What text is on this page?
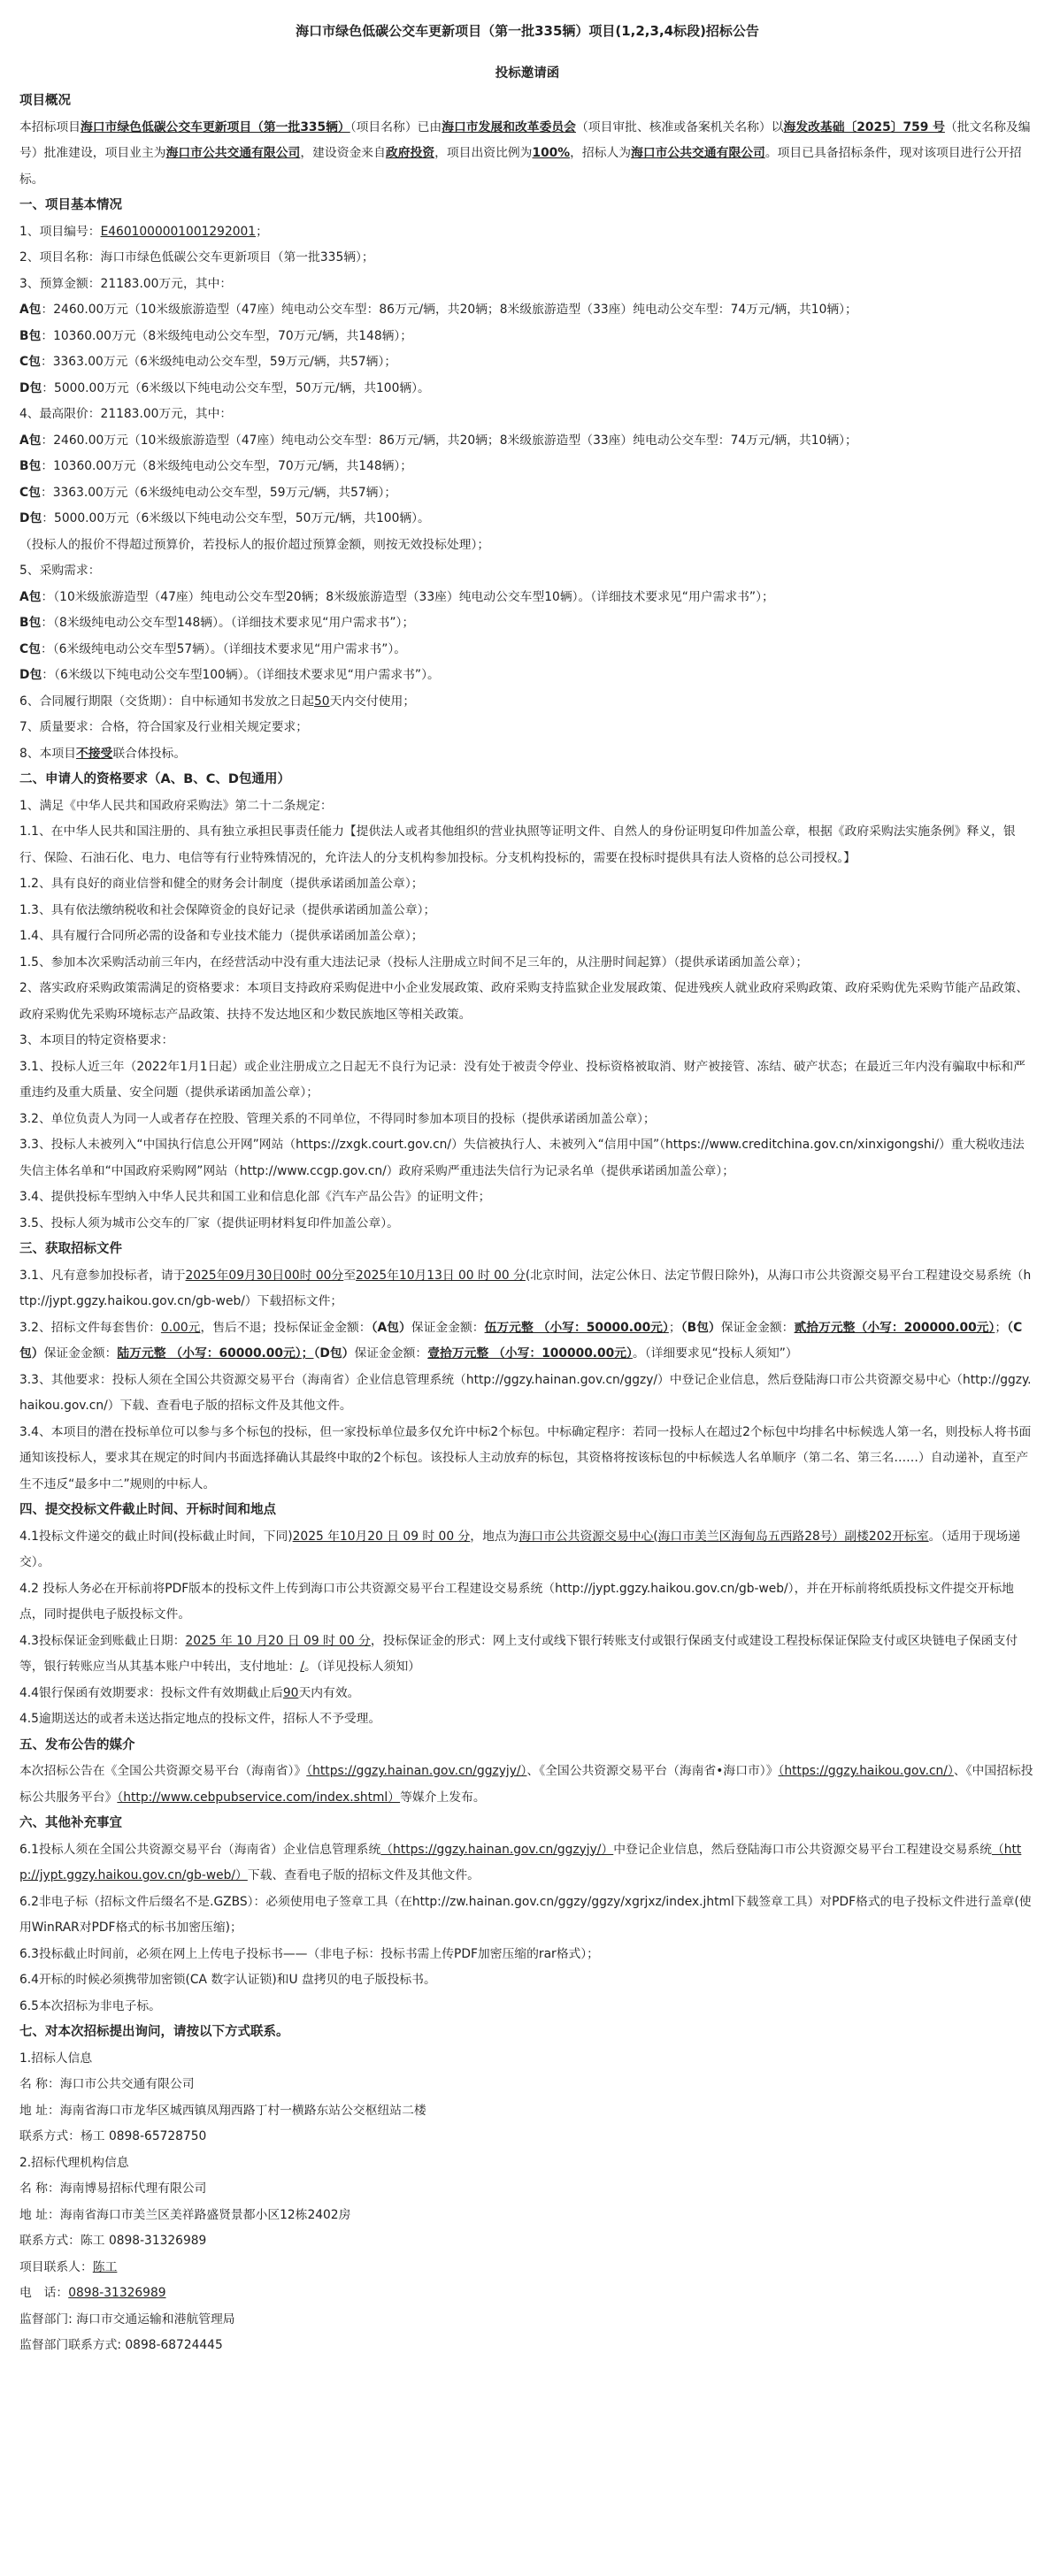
海口市绿色低碳公交车更新项目（第一批335辆）项目(1,2,3,4标段)招标公告
投标邀请函
项目概况

本招标项目海口市绿色低碳公交车更新项目（第一批335辆）（项目名称）已由海口市发展和改革委员会（项目审批、核准或备案机关名称）以海发改基础〔2025〕759 号（批文名称及编号）批准建设，项目业主为海口市公共交通有限公司，建设资金来自政府投资，项目出资比例为100%，招标人为海口市公共交通有限公司。项目已具备招标条件，现对该项目进行公开招标。

一、项目基本情况

1、项目编号：E4601000001001292001；

2、项目名称：海口市绿色低碳公交车更新项目（第一批335辆）；

3、预算金额：21183.00万元，其中：

A包：2460.00万元（10米级旅游造型（47座）纯电动公交车型：86万元/辆，共20辆；8米级旅游造型（33座）纯电动公交车型：74万元/辆，共10辆）；

B包：10360.00万元（8米级纯电动公交车型，70万元/辆，共148辆）；

C包：3363.00万元（6米级纯电动公交车型，59万元/辆，共57辆）；

D包：5000.00万元（6米级以下纯电动公交车型，50万元/辆，共100辆）。

4、最高限价：21183.00万元，其中：

A包：2460.00万元（10米级旅游造型（47座）纯电动公交车型：86万元/辆，共20辆；8米级旅游造型（33座）纯电动公交车型：74万元/辆，共10辆）；

B包：10360.00万元（8米级纯电动公交车型，70万元/辆，共148辆）；

C包：3363.00万元（6米级纯电动公交车型，59万元/辆，共57辆）；

D包：5000.00万元（6米级以下纯电动公交车型，50万元/辆，共100辆）。

（投标人的报价不得超过预算价，若投标人的报价超过预算金额，则按无效投标处理）；

5、采购需求：

A包：（10米级旅游造型（47座）纯电动公交车型20辆；8米级旅游造型（33座）纯电动公交车型10辆）。（详细技术要求见“用户需求书”）；

B包：（8米级纯电动公交车型148辆）。（详细技术要求见“用户需求书”）；

C包：（6米级纯电动公交车型57辆）。（详细技术要求见“用户需求书”）。

D包：（6米级以下纯电动公交车型100辆）。（详细技术要求见“用户需求书”）。

6、合同履行期限（交货期）：自中标通知书发放之日起50天内交付使用；

7、质量要求：合格，符合国家及行业相关规定要求；

8、本项目不接受联合体投标。

二、申请人的资格要求（A、B、C、D包通用）

1、满足《中华人民共和国政府采购法》第二十二条规定：

1.1、在中华人民共和国注册的、具有独立承担民事责任能力【提供法人或者其他组织的营业执照等证明文件、自然人的身份证明复印件加盖公章，根据《政府采购法实施条例》释义，银行、保险、石油石化、电力、电信等有行业特殊情况的，允许法人的分支机构参加投标。分支机构投标的，需要在投标时提供具有法人资格的总公司授权。】

1.2、具有良好的商业信誉和健全的财务会计制度（提供承诺函加盖公章）；

1.3、具有依法缴纳税收和社会保障资金的良好记录（提供承诺函加盖公章）；

1.4、具有履行合同所必需的设备和专业技术能力（提供承诺函加盖公章）；

1.5、参加本次采购活动前三年内，在经营活动中没有重大违法记录（投标人注册成立时间不足三年的，从注册时间起算）（提供承诺函加盖公章）；

2、落实政府采购政策需满足的资格要求：本项目支持政府采购促进中小企业发展政策、政府采购支持监狱企业发展政策、促进残疾人就业政府采购政策、政府采购优先采购节能产品政策、政府采购优先采购环境标志产品政策、扶持不发达地区和少数民族地区等相关政策。

3、本项目的特定资格要求：

3.1、投标人近三年（2022年1月1日起）或企业注册成立之日起无不良行为记录：没有处于被责令停业、投标资格被取消、财产被接管、冻结、破产状态；在最近三年内没有骗取中标和严重违约及重大质量、安全问题（提供承诺函加盖公章）；

3.2、单位负责人为同一人或者存在控股、管理关系的不同单位，不得同时参加本项目的投标（提供承诺函加盖公章）；

3.3、投标人未被列入“中国执行信息公开网”网站（https://zxgk.court.gov.cn/）失信被执行人、未被列入“信用中国”（https://www.creditchina.gov.cn/xinxigongshi/）重大税收违法失信主体名单和“中国政府采购网”网站（http://www.ccgp.gov.cn/）政府采购严重违法失信行为记录名单（提供承诺函加盖公章）；

3.4、提供投标车型纳入中华人民共和国工业和信息化部《汽车产品公告》的证明文件；

3.5、投标人须为城市公交车的厂家（提供证明材料复印件加盖公章）。

三、获取招标文件

3.1、凡有意参加投标者，请于2025年09月30日00时 00分至2025年10月13日 00 时 00 分(北京时间，法定公休日、法定节假日除外)，从海口市公共资源交易平台工程建设交易系统（http://jypt.ggzy.haikou.gov.cn/gb-web/）下载招标文件；

3.2、招标文件每套售价：0.00元，售后不退；投标保证金金额：（A包）保证金金额：伍万元整 （小写：50000.00元）；（B包）保证金金额：贰拾万元整（小写：200000.00元）；（C包）保证金金额：陆万元整 （小写：60000.00元）；（D包）保证金金额：壹拾万元整 （小写：100000.00元）。（详细要求见“投标人须知”）

3.3、其他要求：投标人须在全国公共资源交易平台（海南省）企业信息管理系统（http://ggzy.hainan.gov.cn/ggzy/）中登记企业信息，然后登陆海口市公共资源交易中心（http://ggzy.haikou.gov.cn/）下载、查看电子版的招标文件及其他文件。

3.4、本项目的潜在投标单位可以参与多个标包的投标，但一家投标单位最多仅允许中标2个标包。中标确定程序：若同一投标人在超过2个标包中均排名中标候选人第一名，则投标人将书面通知该投标人，要求其在规定的时间内书面选择确认其最终中取的2个标包。该投标人主动放弃的标包，其资格将按该标包的中标候选人名单顺序（第二名、第三名……）自动递补，直至产生不违反“最多中二”规则的中标人。

四、提交投标文件截止时间、开标时间和地点

4.1投标文件递交的截止时间(投标截止时间，下同)2025 年10月20 日 09 时 00 分，地点为海口市公共资源交易中心(海口市美兰区海甸岛五西路28号）副楼202开标室。（适用于现场递交）。

4.2 投标人务必在开标前将PDF版本的投标文件上传到海口市公共资源交易平台工程建设交易系统（http://jypt.ggzy.haikou.gov.cn/gb-web/），并在开标前将纸质投标文件提交开标地点，同时提供电子版投标文件。

4.3投标保证金到账截止日期：2025 年 10 月20 日 09 时 00 分，投标保证金的形式：网上支付或线下银行转账支付或银行保函支付或建设工程投标保证保险支付或区块链电子保函支付等，银行转账应当从其基本账户中转出，支付地址：/。（详见投标人须知）

4.4银行保函有效期要求：投标文件有效期截止后90天内有效。

4.5逾期送达的或者未送达指定地点的投标文件，招标人不予受理。

五、发布公告的媒介

本次招标公告在《全国公共资源交易平台（海南省）》（https://ggzy.hainan.gov.cn/ggzyjy/）、《全国公共资源交易平台（海南省•海口市）》（https://ggzy.haikou.gov.cn/）、《中国招标投标公共服务平台》（http://www.cebpubservice.com/index.shtml）等媒介上发布。

六、其他补充事宜

6.1投标人须在全国公共资源交易平台（海南省）企业信息管理系统（https://ggzy.hainan.gov.cn/ggzyjy/）中登记企业信息，然后登陆海口市公共资源交易平台工程建设交易系统（http://jypt.ggzy.haikou.gov.cn/gb-web/）下载、查看电子版的招标文件及其他文件。

6.2非电子标（招标文件后缀名不是.GZBS）：必须使用电子签章工具（在http://zw.hainan.gov.cn/ggzy/ggzy/xgrjxz/index.jhtml下载签章工具）对PDF格式的电子投标文件进行盖章(使用WinRAR对PDF格式的标书加密压缩)；

6.3投标截止时间前，必须在网上上传电子投标书——（非电子标：投标书需上传PDF加密压缩的rar格式）；

6.4开标的时候必须携带加密锁(CA 数字认证锁)和U 盘拷贝的电子版投标书。

6.5本次招标为非电子标。

七、对本次招标提出询问，请按以下方式联系。

1.招标人信息

名 称：海口市公共交通有限公司

地 址：海南省海口市龙华区城西镇凤翔西路丁村一横路东站公交枢纽站二楼

联系方式：杨工 0898-65728750

2.招标代理机构信息

名 称：海南博易招标代理有限公司

地 址：海南省海口市美兰区美祥路盛贤景都小区12栋2402房

联系方式：陈工 0898-31326989

项目联系人：陈工

电　话：0898-31326989

监督部门: 海口市交通运输和港航管理局

监督部门联系方式: 0898-68724445
